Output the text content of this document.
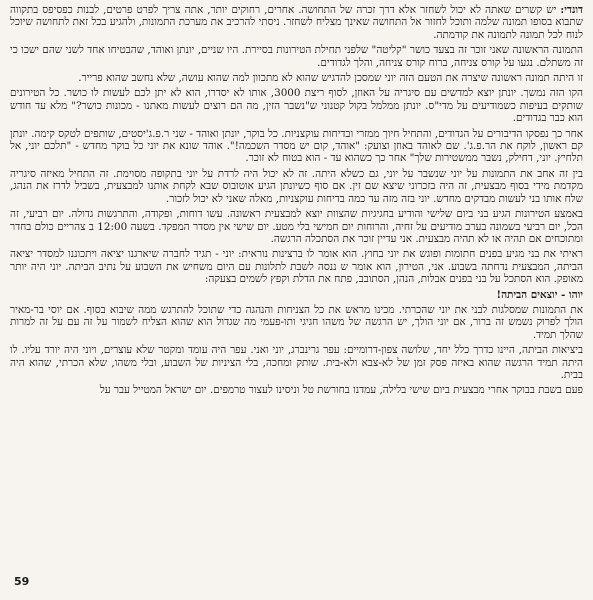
דונדי: יש קשרים שאתה לא יכול לשחזר אלא דרך זכרה של התחושה. אחרים, רחוקים יותר, אתה צריך לפרט פרטים, לבנות כפסיפס בתקווה שתבוא בסופו תמונה שלמה ותוכל לחזור אל התחושה שאינך מצליח לשחזר. ניסתי להרכיב את מערכת התמונות, ולהגיע בכל זאת לתחושה שיוכל לנוח לכל תמונה לתמונה את קודמתה.

התמונה הראשונה שאני זוכר זה בצעד כושר "קליטה" שלפני תחילת הטירונות בסיירת. היו שניים, יונתן ואוהד, שהבטיחו אחד לשני שהם ישכו כי זה משתלם. נגעו על קורס צניחה, ברוח קורס צניחה, והלך לגדודים.

זו היתה תמונה ראשונה שיצרה את הטעם הזה יוני שמסכן להדגיש שהוא לא מתכוון למה שהוא עושה, שלא נחשב שהוא פרייר.

הקו הזה נמשך. יונתן יוצא למדשים עם סיגריה על האוזן, לסוף ריצת 3000, אותו לא יסדרו, הוא לא יתן לכם לעשות לו כושר. כל הטירונים שותקים בעיפות כשמודיעים על מדי"ס. יונתן ממלמל בקול קטנוני ש"נשבר הזין, מה הם רוצים לעשות מאתנו - מכונות כושר?" מלא עד חודש הוא כבר בגדודים.

אחר כך נפסקו הדיבורים על הגדודים, והתחיל חיוך ממזרי ובדיחות עוקצניות. כל בוקר, יונתן ואוהד - שני ר.פ.ג'יסטים, שותפים לטקס קימה. יונתן קם ראשון, לוקח את הר.פ.ג'. שם לאוהד באוזן וצועק: "אוהד, קום יש מסדר השכמה!". אוהד שונא את יוני כל בוקר מחדש - "תלכם יוני, אל תלחיץ. יוני, דחילק, נשבר ממשטירות שלך" אחר כך כשהוא עד - הוא בטוח לא זוכר.

בין זה אחב את התמונות על יוני שנשבר על יוני, גם כשלא היתה. זה לא יכול היה לרדת על יוני בתקופה מסוימת. זה התחיל מאיזה סיגריה מקדמת מידי בסוף מבצעית, זה היה בזכרוני שיצא שם זין. אם סוף כשיונתן הגיע אוטובוס שבא לקחת אותנו למבצעית, בשביל לדרז את הנהג, שלח אותו בני לעשות מבדקים מחדש. יוני בזה מזה עד כמה בדיחות עוקצניות, מאלה שאני לא יכול לזכור.

באמצע הטירונות הגיע בני ביום שלישי והודיע בחגיגיות שהצוות יוצא למבצעית ראשונה. עשו דוחות, ופקודה, והתרגשות גדולה. יום רביעי, זה הכל, יום רביעי בשמונה בערב מודיעים על זחיה, והרוחות יום חמישי בלי מטע. יום שישי אין מסדר המפקד. בשעה 12:00 ב צהריים כולם בחדר ומתוכחים אם תהיה או לא תהיה מבצעית. אני עדיין זוכר את הסתכלה הרגשה.

ראיתי את בני מגיע בפנים חתומות ופוגש את יוני בחוץ. הוא אומר לו ברצינות נוראית: יוני - תגיד לחברה שיארגנו יציאה ויתכוננו למסדר יציאה הביתה, המבצעית נדחתה בשבוע. אני, הטירון, הוא אומר ש ננסה לשבת לתלונות עם היום משחיש את השבוע על נתיב הביתה. יוני היה יותר מאופק. הוא הסתכל על בני בפנים אבלות, הנהן, הסתובב, פתח את הדלת וקפץ לשמים בצעקה:

יוהו - יוצאים הביתה!

את התמונות שמסלגות לבני את יוני שהכרתי. מכינו מראש את כל הצניחות והנהגה כדי שתוכל להתרגש ממה שיבוא בסוף. אם יוסי בר-מאיר הולך לפרוק נשמש זה ברור, אם יוני הולך, יש הרגשה של משהו חגיגי ותו-פעמי מה שגדול הוא שהוא הצליח לשמור על זה עם על זה למרות שהלך תמיד.

ביציאות הביתה, היינו כדרך כלל יחד, שלושה צפון-דרומיים: עפר גרינברג, יוני ואני. עפר היה עומד ומקטר שלא עוצרים, ויוני היה יורד עליו. לו היתה תמיד הרגשה שהוא באיזה פסק זמן של לא-צבא ולא-בית. שותק ומחכה, בלי הציניות של השבוע, ובלי משהו, שלא הכרתי, שהוא היה בבית.

פעם בשבת בבוקר אחרי מבצעית ביום שישי בלילה, עמדנו בחורשת טל וניסינו לעצור טרמפים. יום ישראל המטייל עבר על

59
